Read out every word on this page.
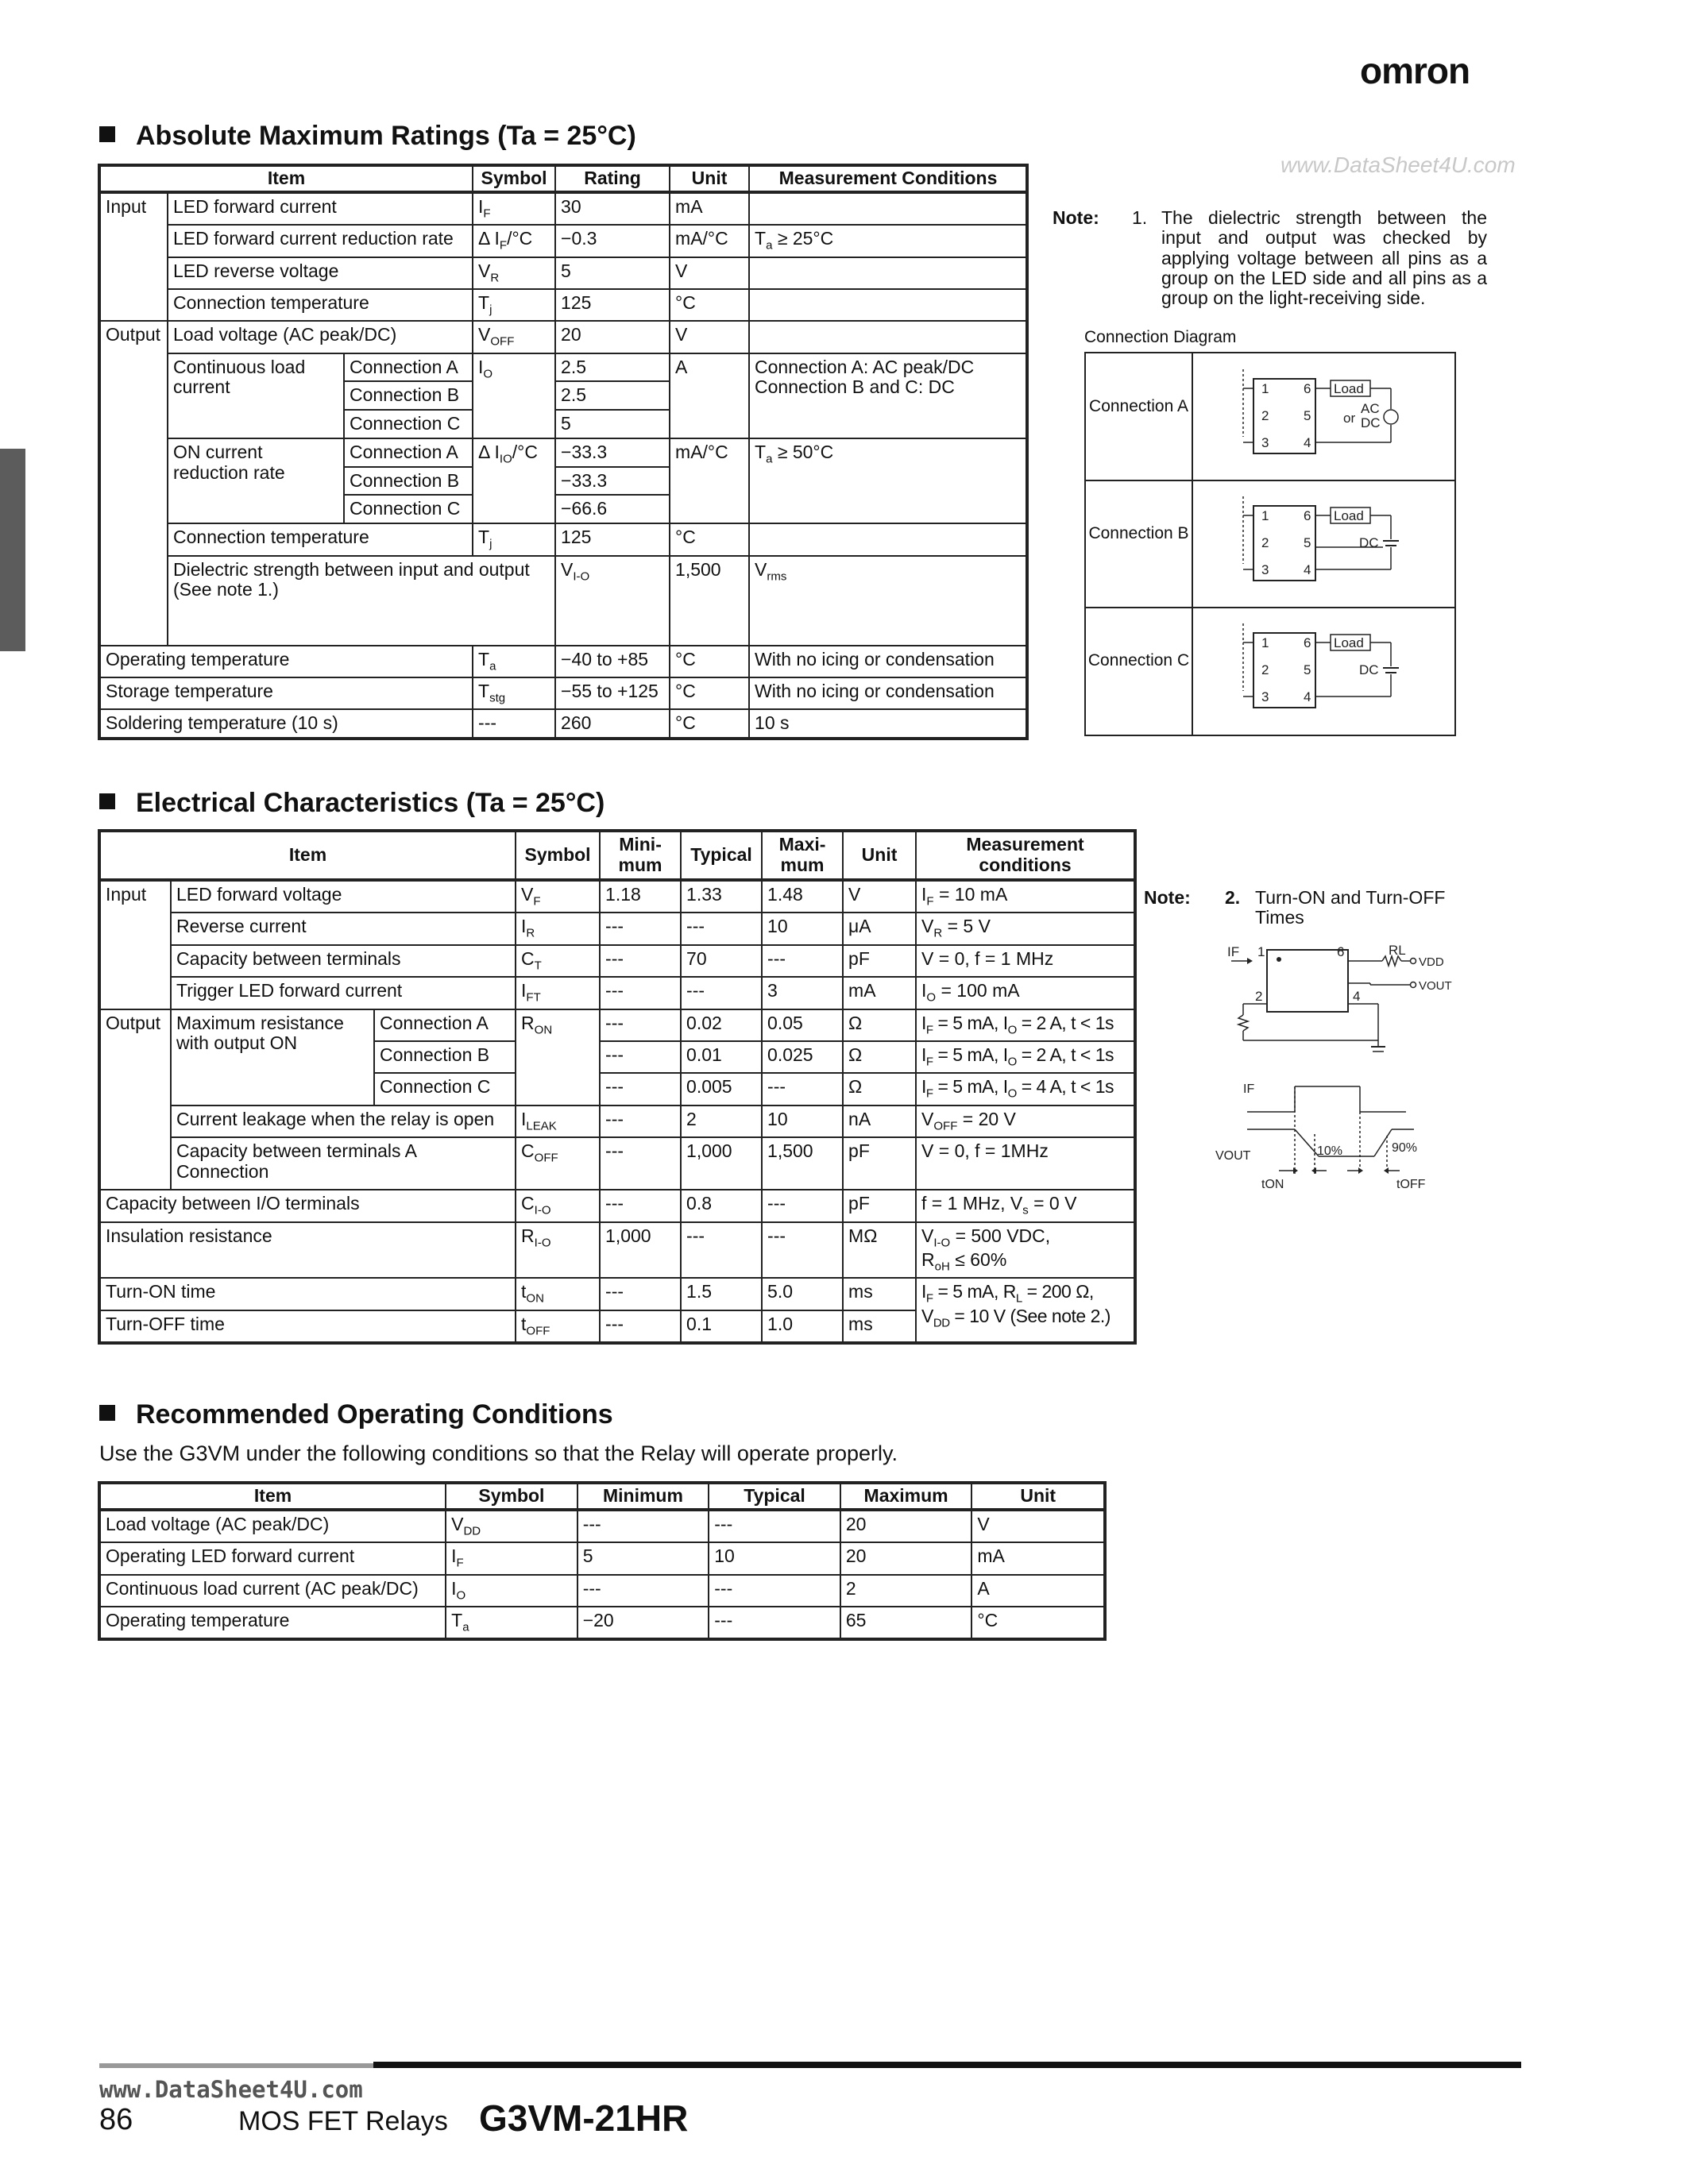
omron
www.DataSheet4U.com
Absolute Maximum Ratings (Ta = 25°C)
Item			Symbol	Rating	Unit	Measurement Conditions	
Input	LED forward current		$I_F$	30	mA		
	LED forward current reduction rate		Δ $I_F/^\circ C$	−0.3	mA/°C	$T_a \ge 25^\circ C$	
	LED reverse voltage		$V_R$	5	V		
	Connection temperature		$T_j$	125	°C		
Output	Load voltage (AC peak/DC)		$V_{OFF}$	20	V		
	Continuous load current	Connection A	$I_O$	2.5	A	Connection A: AC peak/DC
Connection B and C: DC	

		Connection B		2.5			
		Connection C		5			
	ON current reduction rate	Connection A	Δ $I_{IO}/^\circ C$	−33.3	mA/°C	$T_a \ge 50^\circ C$	
		Connection B		−33.3			
		Connection C		−66.6			
	Connection temperature		$T_j$	125	°C		
	Dielectric strength between input and output (See note 1.)			$V_{I-O}$	1,500	$V_{rms}$	
Operating temperature			$T_a$	−40 to +85	°C	With no icing or condensation	
Storage temperature			$T_{stg}$	−55 to +125	°C	With no icing or condensation	
Soldering temperature (10 s)			---	260	°C	10 s	
Note: 1. The dielectric strength between the input and output was checked by applying voltage between all pins as a group on the LED side and all pins as a group on the light-receiving side.
Connection Diagram
Connection A
Connection B
Connection C
1
2
3
6
5
4
Load
AC
or DC
1
2
3
6
5
4
Load
DC
1
2
3
6
5
4
Load
DC
Electrical Characteristics (Ta = 25°C)
Item			Symbol	Mini- mum	Typical	Maxi- mum	Unit	Measurement conditions
Input	LED forward voltage		$V_F$	1.18	1.33	1.48	V	$I_F = 10$ mA
	Reverse current		$I_R$	---	---	10	μA	$V_R = 5$ V
	Capacity between terminals		$C_T$	---	70	---	pF	V = 0, f = 1 MHz
	Trigger LED forward current		$I_{FT}$	---	---	3	mA	$I_O = 100$ mA
Output	Maximum resistance with output ON	Connection A	$R_{ON}$	---	0.02	0.05	Ω	$I_F = 5$ mA, $I_O = 2$ A, t < 1s
		Connection B		---	0.01	0.025	Ω	$I_F = 5$ mA, $I_O = 2$ A, t < 1s
		Connection C		---	0.005	---	Ω	$I_F = 5$ mA, $I_O = 4$ A, t < 1s
	Current leakage when the relay is open		$I_{LEAK}$	---	2	10	nA	$V_{OFF} = 20$ V
	Capacity between terminals A Connection		$C_{OFF}$	---	1,000	1,500	pF	V = 0, f = 1MHz
Capacity between I/O terminals			$C_{I-O}$	---	0.8	---	pF	f = 1 MHz, $V_s = 0$ V
Insulation resistance			$R_{I-O}$	1,000	---	---	MΩ	$V_{I-O} = 500$ VDC,
$R_{oH} \le 60\%$

Turn-ON time			$t_{ON}$	---	1.5	5.0	ms	$I_F = 5$ mA, $R_L = 200$ Ω,
$V_{DD} = 10$ V (See note 2.)

Turn-OFF time			$t_{OFF}$	---	0.1	1.0	ms	
Note: 2. Turn-ON and Turn-OFF Times
IF 1	6	RL
VDD
2	4
VOUT
IF
VOUT	10%	90%
tON	tOFF
Recommended Operating Conditions
Use the G3VM under the following conditions so that the Relay will operate properly.
Item	Symbol	Minimum	Typical	Maximum	Unit
Load voltage (AC peak/DC)	$V_{DD}$	---	---	20	V
Operating LED forward current	$I_F$	5	10	20	mA
Continuous load current (AC peak/DC)	$I_O$	---	---	2	A
Operating temperature	$T_a$	−20	---	65	°C
www.DataSheet4U.com
86	MOS FET Relays G3VM-21HR
